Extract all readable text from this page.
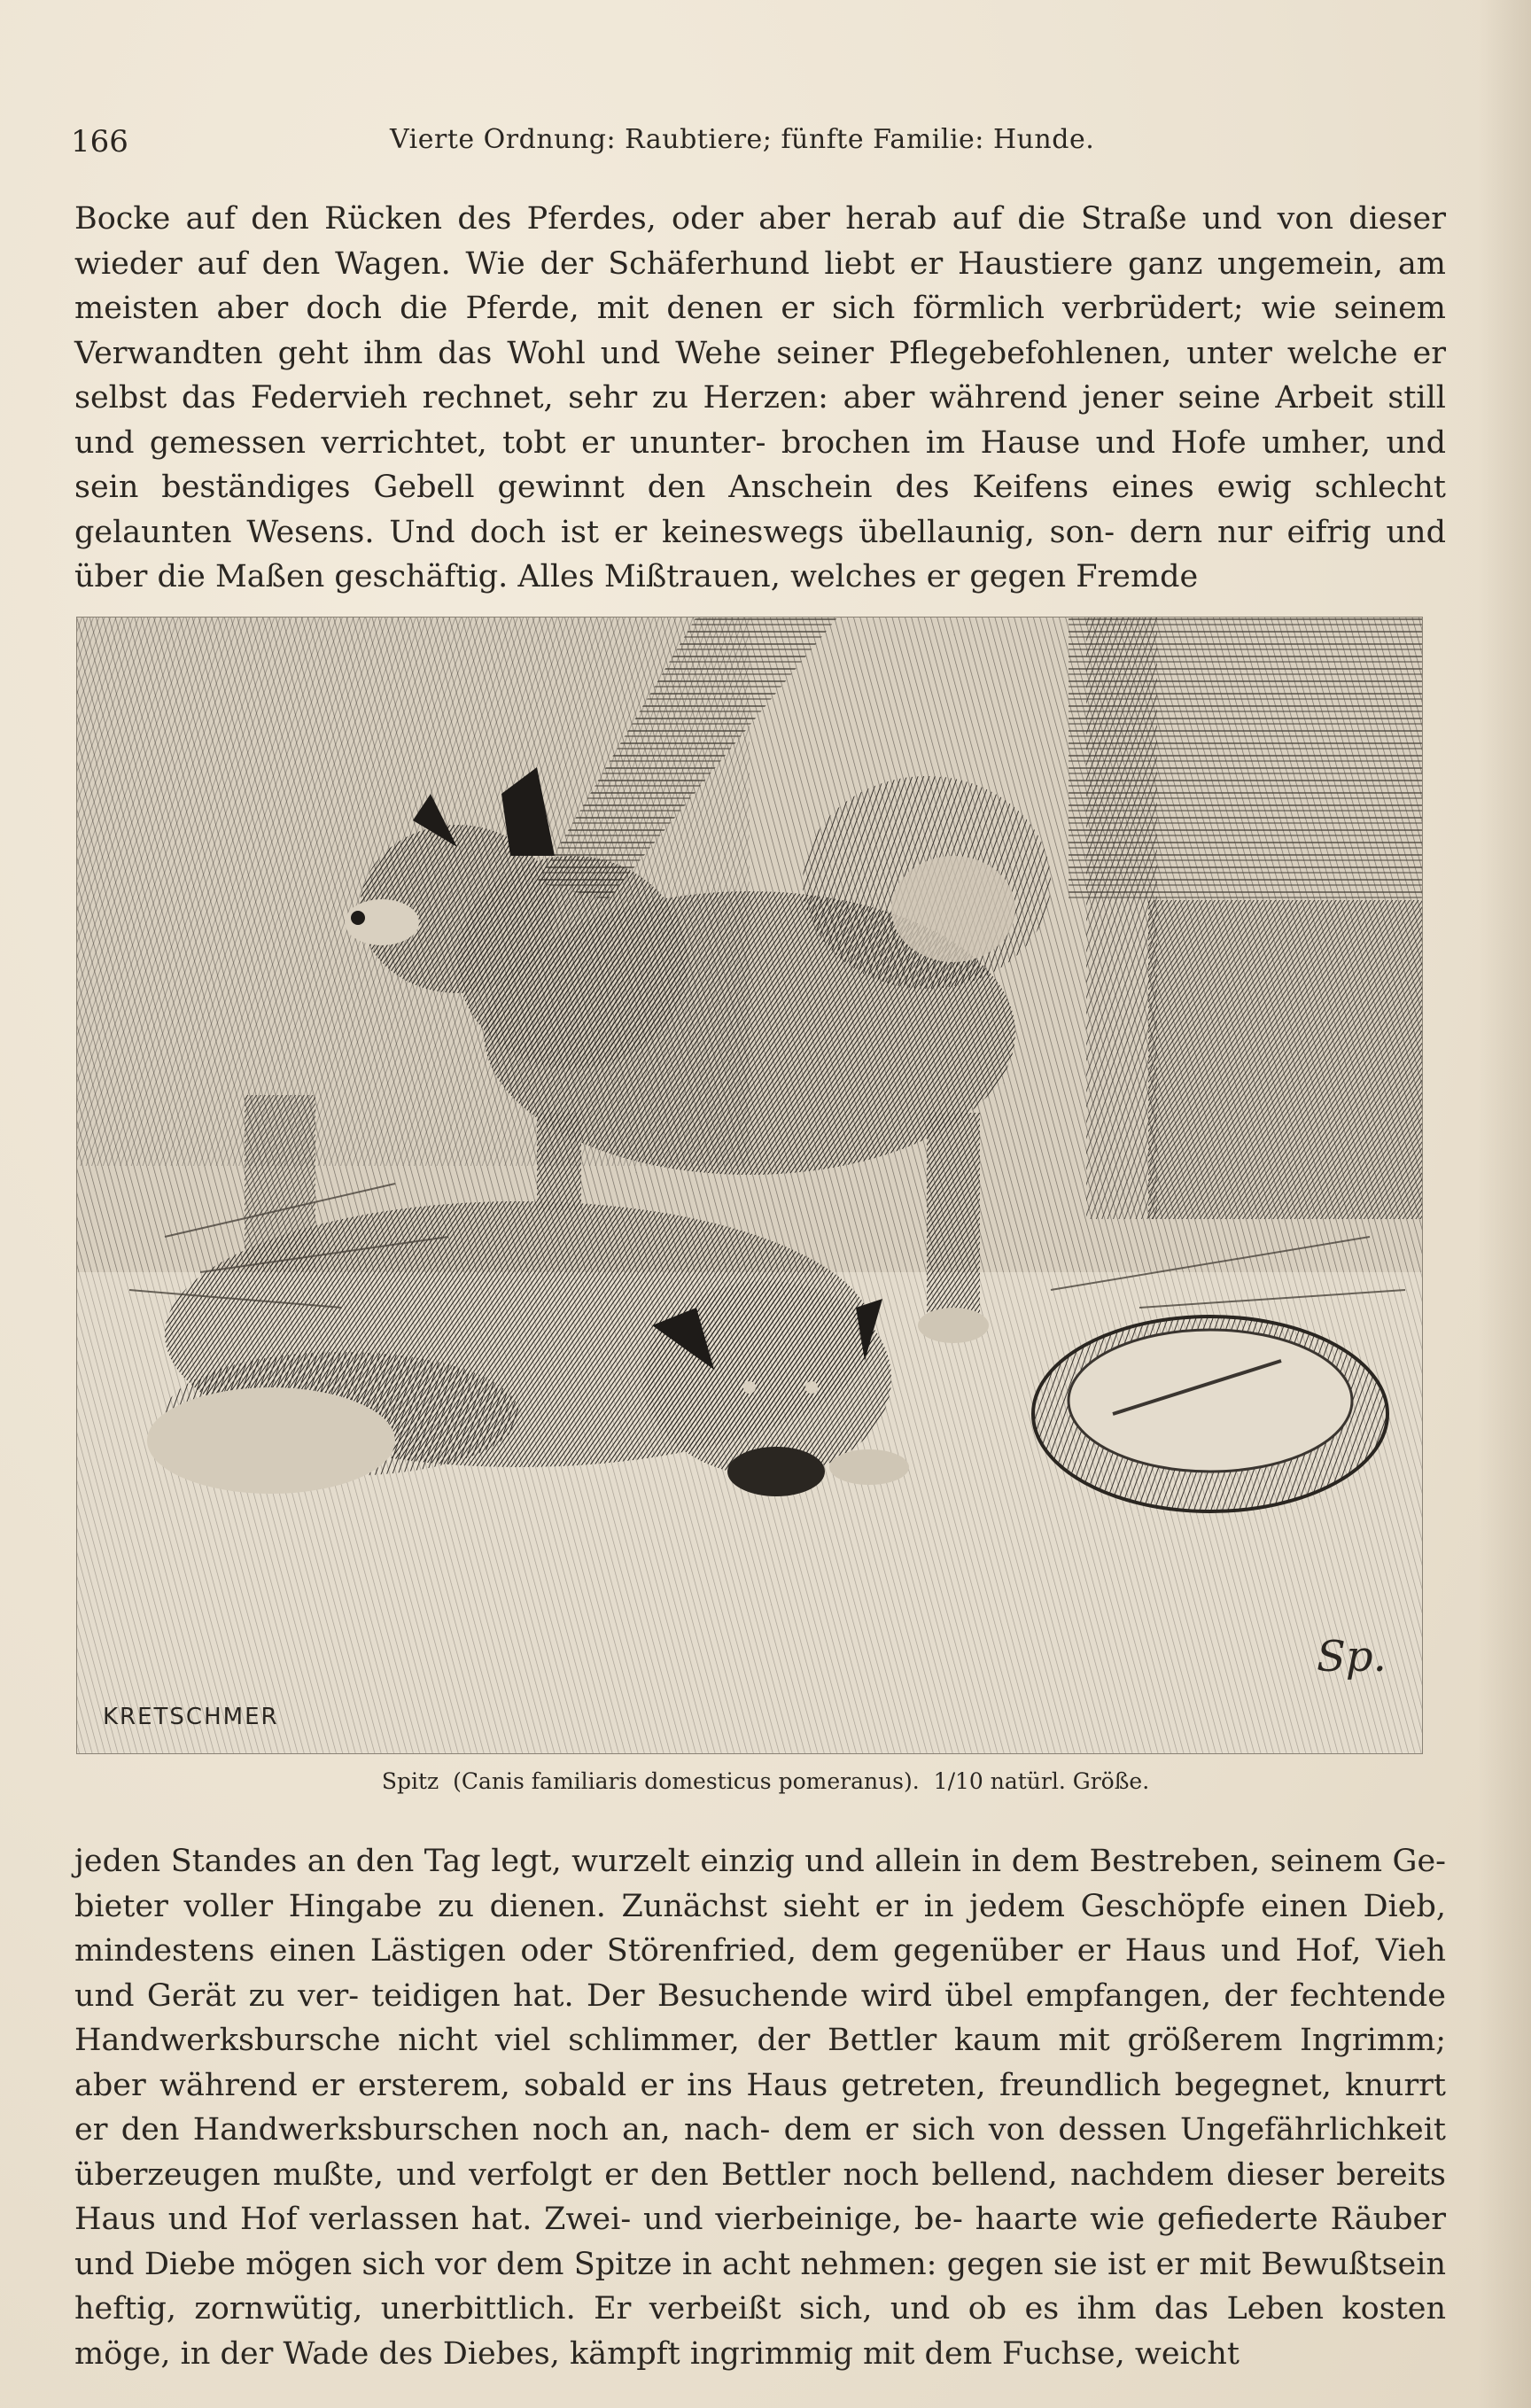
166	Vierte Ordnung: Raubtiere; fünfte Familie: Hunde.

Bocke auf den Rücken des Pferdes, oder aber herab auf die Straße und von dieser wieder auf den Wagen. Wie der Schäferhund liebt er Haustiere ganz ungemein, am meisten aber doch die Pferde, mit denen er sich förmlich verbrüdert; wie seinem Verwandten geht ihm das Wohl und Wehe seiner Pflegebefohlenen, unter welche er selbst das Federvieh rechnet, sehr zu Herzen: aber während jener seine Arbeit still und gemessen verrichtet, tobt er ununter- brochen im Hause und Hofe umher, und sein beständiges Gebell gewinnt den Anschein des Keifens eines ewig schlecht gelaunten Wesens. Und doch ist er keineswegs übellaunig, son- dern nur eifrig und über die Maßen geschäftig. Alles Mißtrauen, welches er gegen Fremde

KRETSCHMER
Sp.
Spitz (Canis familiaris domesticus pomeranus). 1/10 natürl. Größe.

jeden Standes an den Tag legt, wurzelt einzig und allein in dem Bestreben, seinem Ge- bieter voller Hingabe zu dienen. Zunächst sieht er in jedem Geschöpfe einen Dieb, mindestens einen Lästigen oder Störenfried, dem gegenüber er Haus und Hof, Vieh und Gerät zu ver- teidigen hat. Der Besuchende wird übel empfangen, der fechtende Handwerksbursche nicht viel schlimmer, der Bettler kaum mit größerem Ingrimm; aber während er ersterem, sobald er ins Haus getreten, freundlich begegnet, knurrt er den Handwerksburschen noch an, nach- dem er sich von dessen Ungefährlichkeit überzeugen mußte, und verfolgt er den Bettler noch bellend, nachdem dieser bereits Haus und Hof verlassen hat. Zwei- und vierbeinige, be- haarte wie gefiederte Räuber und Diebe mögen sich vor dem Spitze in acht nehmen: gegen sie ist er mit Bewußtsein heftig, zornwütig, unerbittlich. Er verbeißt sich, und ob es ihm das Leben kosten möge, in der Wade des Diebes, kämpft ingrimmig mit dem Fuchse, weicht
